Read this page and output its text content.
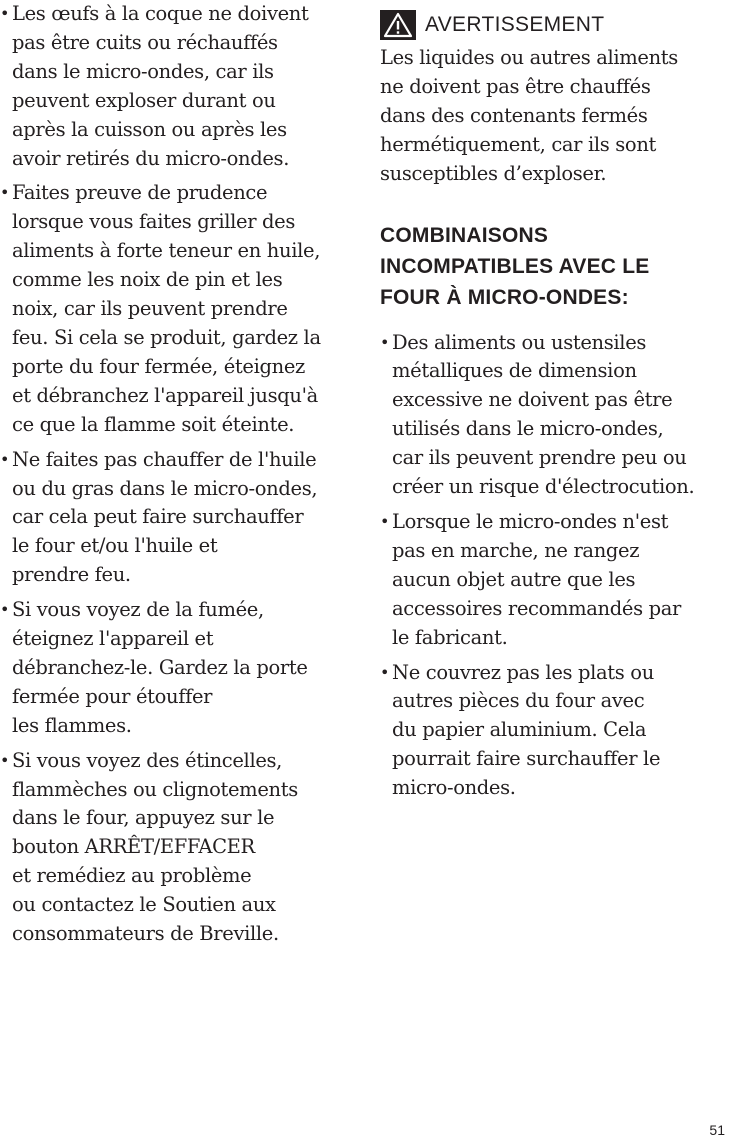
• Les œufs à la coque ne doivent
pas être cuits ou réchauffés
dans le micro-ondes, car ils
peuvent exploser durant ou
après la cuisson ou après les
avoir retirés du micro-ondes.
• Faites preuve de prudence
lorsque vous faites griller des
aliments à forte teneur en huile,
comme les noix de pin et les
noix, car ils peuvent prendre
feu. Si cela se produit, gardez la
porte du four fermée, éteignez
et débranchez l'appareil jusqu'à
ce que la flamme soit éteinte.
• Ne faites pas chauffer de l'huile
ou du gras dans le micro-ondes,
car cela peut faire surchauffer
le four et/ou l'huile et
prendre feu.
• Si vous voyez de la fumée,
éteignez l'appareil et
débranchez-le. Gardez la porte
fermée pour étouffer
les flammes.
• Si vous voyez des étincelles,
flammèches ou clignotements
dans le four, appuyez sur le
bouton ARRÊT/EFFACER
et remédiez au problème
ou contactez le Soutien aux
consommateurs de Breville.
AVERTISSEMENT

Les liquides ou autres aliments
ne doivent pas être chauffés
dans des contenants fermés
hermétiquement, car ils sont
susceptibles d’exploser.

COMBINAISONS
INCOMPATIBLES AVEC LE
FOUR À MICRO-ONDES:
• Des aliments ou ustensiles
métalliques de dimension
excessive ne doivent pas être
utilisés dans le micro-ondes,
car ils peuvent prendre peu ou
créer un risque d'électrocution.
• Lorsque le micro-ondes n'est
pas en marche, ne rangez
aucun objet autre que les
accessoires recommandés par
le fabricant.
• Ne couvrez pas les plats ou
autres pièces du four avec
du papier aluminium. Cela
pourrait faire surchauffer le
micro-ondes.
51
